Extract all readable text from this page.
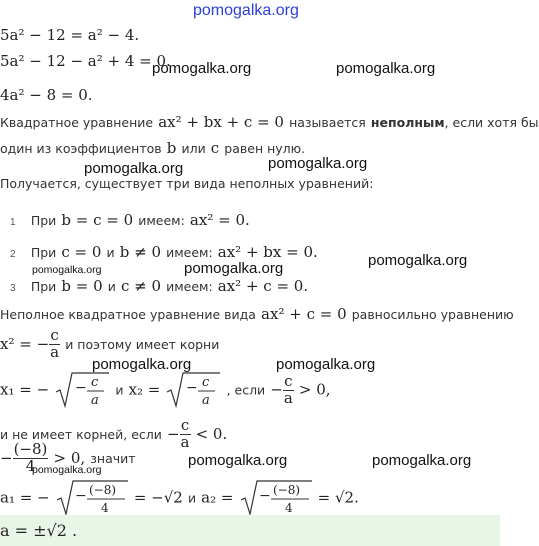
pomogalka.org
5a² − 12 = a² − 4.
5a² − 12 − a² + 4 = 0.
4a² − 8 = 0.
Квадратное уравнение ax² + bx + c = 0 называется неполным, если хотя бы
один из коэффициентов b или c равен нулю.
Получается, существует три вида неполных уравнений:
1 При b = c = 0 имеем: ax² = 0.
2 При c = 0 и b ≠ 0 имеем: ax² + bx = 0.
3 При b = 0 и c ≠ 0 имеем: ax² + c = 0.
Неполное квадратное уравнение вида ax² + c = 0 равносильно уравнению
x² = − $\frac{c}{a}$ и поэтому имеет корни
x₁ = − − c
a
и x₂ = − c
a
, если − $\frac{c}{a} > 0$,
и не имеет корней, если − $\frac{c}{a} < 0$.
− $\frac{(-8)}{4} > 0$, значит
a₁ = − − (−8)
4
= −√2 и a₂ = − (−8)
4
= √2.
a = ±√2 .
pomogalka.org	pomogalka.org
pomogalka.org	pomogalka.org
pomogalka.org	pomogalka.org	pomogalka.org
pomogalka.org	pomogalka.org
pomogalka.org
pomogalka.org	pomogalka.org
